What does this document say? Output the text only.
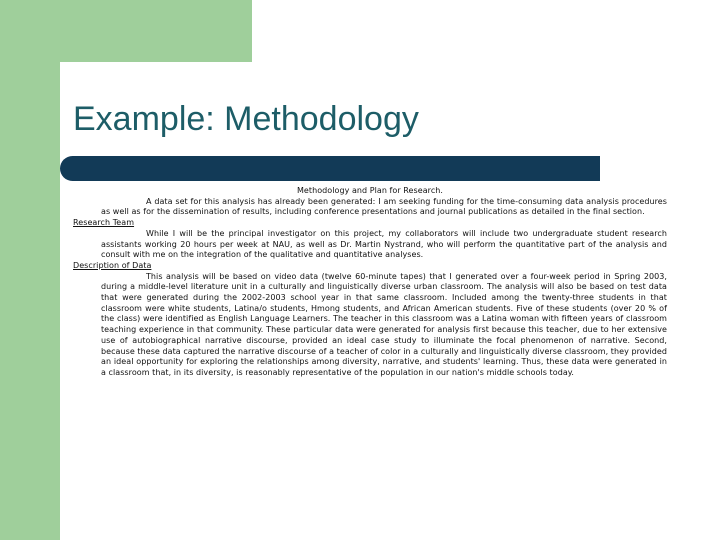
Example: Methodology
Methodology and Plan for Research.
A data set for this analysis has already been generated: I am seeking funding for the time-consuming data analysis procedures as well as for the dissemination of results, including conference presentations and journal publications as detailed in the final section.
Research Team
While I will be the principal investigator on this project, my collaborators will include two undergraduate student research assistants working 20 hours per week at NAU, as well as Dr. Martin Nystrand, who will perform the quantitative part of the analysis and consult with me on the integration of the qualitative and quantitative analyses.
Description of Data
This analysis will be based on video data (twelve 60-minute tapes) that I generated over a four-week period in Spring 2003, during a middle-level literature unit in a culturally and linguistically diverse urban classroom. The analysis will also be based on test data that were generated during the 2002-2003 school year in that same classroom. Included among the twenty-three students in that classroom were white students, Latina/o students, Hmong students, and African American students. Five of these students (over 20 % of the class) were identified as English Language Learners. The teacher in this classroom was a Latina woman with fifteen years of classroom teaching experience in that community. These particular data were generated for analysis first because this teacher, due to her extensive use of autobiographical narrative discourse, provided an ideal case study to illuminate the focal phenomenon of narrative. Second, because these data captured the narrative discourse of a teacher of color in a culturally and linguistically diverse classroom, they provided an ideal opportunity for exploring the relationships among diversity, narrative, and students' learning. Thus, these data were generated in a classroom that, in its diversity, is reasonably representative of the population in our nation's middle schools today.
